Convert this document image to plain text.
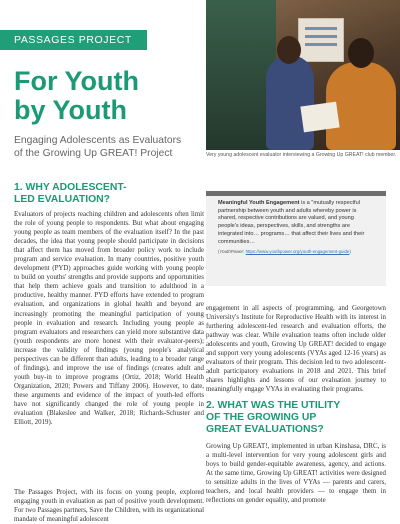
PASSAGES PROJECT
For Youth
by Youth
Engaging Adolescents as Evaluators
of the Growing Up GREAT! Project	Very young adolescent evaluator interviewing a Growing Up GREAT! club member.
1. WHY ADOLESCENT-
LED EVALUATION?

Evaluators of projects reaching children and adolescents often limit the role of young people to respondents. But what about engaging young people as team members of the evaluation itself? In the past decades, the idea that young people should participate in decisions that affect them has moved from broader policy work to include program and service evaluation. In many countries, positive youth development (PYD) approaches guide working with young people to build on youths' strengths and provide supports and opportunities that help them achieve goals and transition to adulthood in a productive, healthy manner. PYD efforts have extended to program evaluation, and organizations in global health and beyond are increasingly promoting the meaningful participation of young people in evaluation and research. Including young people as program evaluators and researchers can yield more substantive data (youth respondents are more honest with their evaluator-peers); increase the validity of findings (young people's analytical perspectives can be different than adults, leading to a broader range of findings), and improve the use of findings (creates adult and youth buy-in to improve programs (Ortiz, 2018; World Health Organization, 2020; Powers and Tiffany 2006). However, to date, these arguments and evidence of the impact of youth-led efforts have not significantly changed the role of young people in evaluation (Blakeslee and Walker, 2018; Richards-Schuster and Elliott, 2019).

The Passages Project, with its focus on young people, explored engaging youth in evaluation as part of positive youth development. For two Passages partners, Save the Children, with its organizational mandate of meaningful adolescent

Meaningful Youth Engagement is a "mutually respectful partnership between youth and adults whereby power is shared, respective contributions are valued, and young people's ideas, perspectives, skills, and strengths are integrated into… programs… that affect their lives and their communities…

(YouthPower: https://www.youthpower.org/youth-engagement-guide)

engagement in all aspects of programming, and Georgetown University's Institute for Reproductive Health with its interest in furthering adolescent-led research and evaluation efforts, the pathway was clear. While evaluation teams often include older adolescents and youth, Growing Up GREAT! decided to engage and support very young adolescents (VYAs aged 12-16 years) as evaluators of their program. This decision led to two adolescent-adult participatory evaluations in 2018 and 2021. This brief shares highlights and lessons of our evaluation journey to meaningfully engage VYAs in evaluating their programs.

2. WHAT WAS THE UTILITY
OF THE GROWING UP
GREAT EVALUATIONS?

Growing Up GREAT!, implemented in urban Kinshasa, DRC, is a multi-level intervention for very young adolescent girls and boys to build gender-equitable awareness, agency, and actions. At the same time, Growing Up GREAT! activities were designed to sensitize adults in the lives of VYAs — parents and carers, teachers, and local health providers — to engage them in reflections on gender equality, and promote
